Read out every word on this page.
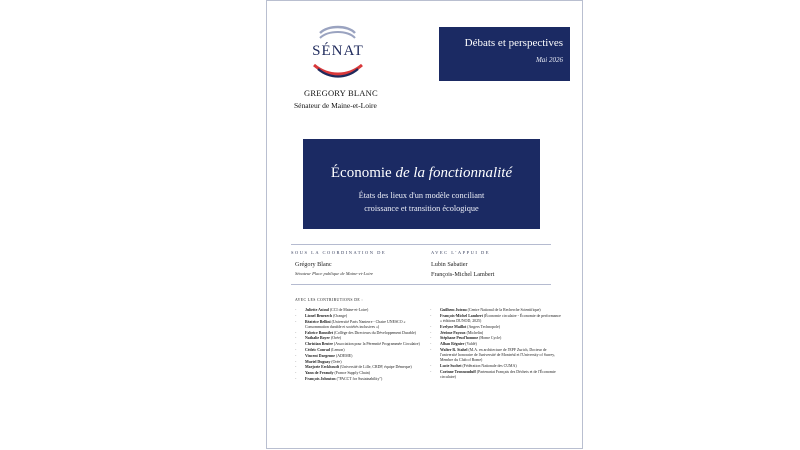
SÉNAT
GREGORY BLANC
Sénateur de Maine-et-Loire
Débats et perspectives
Mai 2026
Économie de la fonctionnalité
États des lieux d'un modèle conciliant
croissance et transition écologique
SOUS LA COORDINATION DE
Grégory Blanc
Sénateur Place publique de Maine-et-Loire
AVEC L'APPUI DE
Lubin Sabatier
François-Michel Lambert
AVEC LES CONTRIBUTIONS DE :
- Juliette Astoul (CCI de Maine-et-Loire)
- Lionel Benezech (Orange)
- Béatrice Bellini (Université Paris Nanterre - Chaire UNESCO « Consommation durable et sociétés inclusives »)
- Fabrice Bonnifet (Collège des Directeurs du Développement Durable)
- Nathalie Boyer (Orée)
- Christian Brutre (Association pour la Pérennité Programmée Circulaire)
- Cédric Conrad (Lemon)
- Vincent Dargenne (ADEME)
- Muriel Duguay (Orée)
- Marjorie Eeckhoudt (Université de Lille, CRDP, équipe Démeque)
- Yann de Feraudy (France Supply Chain)
- François Johnston ("PACCT for Sustainability")
- Guilhem Juteau (Centre National de la Recherche Scientifique)
- François-Michel Lambert (Économie circulaire - Économie de performance » éditions DUNOD, 2025)
- Evelyne Maillot (Angers Technopole)
- Jérôme Payoux (Michelin)
- Stéphane Peud'homme (Home Cycle)
- Alban Régnier (Valdé)
- Walter R. Stahel (M.A. en architecture de l'EPF Zurich, Docteur de l'université honoraire de l'université de Montréal et l'University of Surrey, Membre du Club of Rome)
- Lucie Suchet (Fédération Nationale des CUMA)
- Corinne Tronnouduff (Partenariat Français des Déchets et de l'Économie circulaire)
